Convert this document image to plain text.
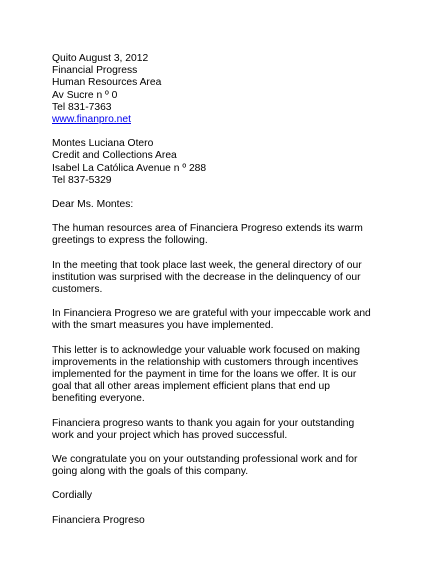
Quito August 3, 2012
Financial Progress
Human Resources Area
Av Sucre n º 0
Tel 831-7363
www.finanpro.net
Montes Luciana Otero
Credit and Collections Area
Isabel La Católica Avenue n º 288
Tel 837-5329
Dear Ms. Montes:
The human resources area of Financiera Progreso extends its warm
greetings to express the following.
In the meeting that took place last week, the general directory of our
institution was surprised with the decrease in the delinquency of our
customers.
In Financiera Progreso we are grateful with your impeccable work and
with the smart measures you have implemented.
This letter is to acknowledge your valuable work focused on making
improvements in the relationship with customers through incentives
implemented for the payment in time for the loans we offer. It is our
goal that all other areas implement efficient plans that end up
benefiting everyone.
Financiera progreso wants to thank you again for your outstanding
work and your project which has proved successful.
We congratulate you on your outstanding professional work and for
going along with the goals of this company.
Cordially
Financiera Progreso
